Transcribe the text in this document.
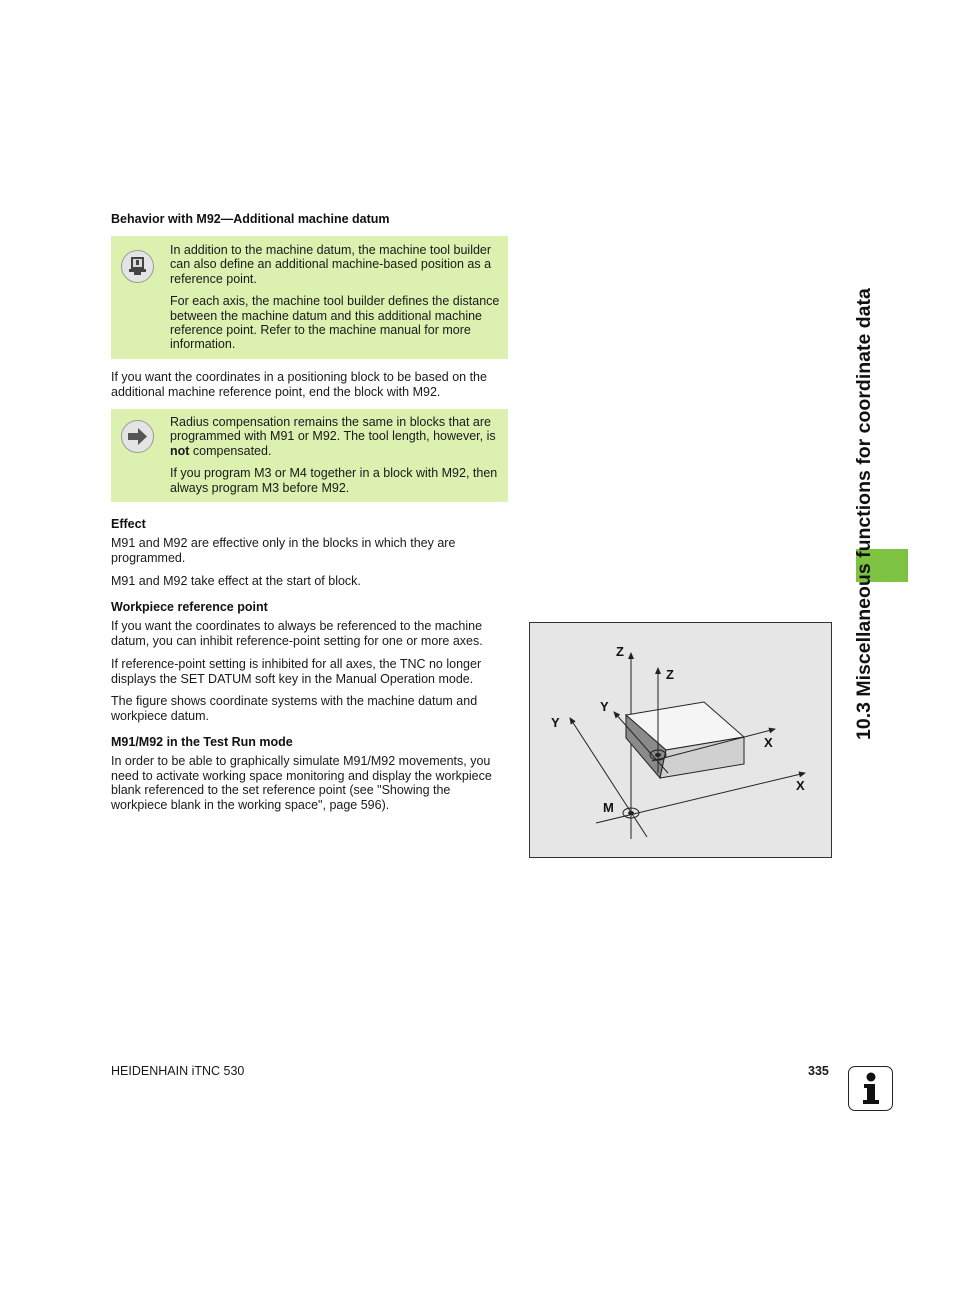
Behavior with M92—Additional machine datum

In addition to the machine datum, the machine tool builder can also define an additional machine-based position as a reference point.

For each axis, the machine tool builder defines the distance between the machine datum and this additional machine reference point. Refer to the machine manual for more information.

If you want the coordinates in a positioning block to be based on the additional machine reference point, end the block with M92.

Radius compensation remains the same in blocks that are programmed with M91 or M92. The tool length, however, is not compensated.

If you program M3 or M4 together in a block with M92, then always program M3 before M92.

Effect

M91 and M92 are effective only in the blocks in which they are programmed.

M91 and M92 take effect at the start of block.

Workpiece reference point

If you want the coordinates to always be referenced to the machine datum, you can inhibit reference-point setting for one or more axes.

If reference-point setting is inhibited for all axes, the TNC no longer displays the SET DATUM soft key in the Manual Operation mode.

The figure shows coordinate systems with the machine datum and workpiece datum.

M91/M92 in the Test Run mode

In order to be able to graphically simulate M91/M92 movements, you need to activate working space monitoring and display the workpiece blank referenced to the set reference point (see "Showing the workpiece blank in the working space", page 596).

Z
Z
Y
Y
X
X
M
10.3 Miscellaneous functions for coordinate data
HEIDENHAIN iTNC 530	335
